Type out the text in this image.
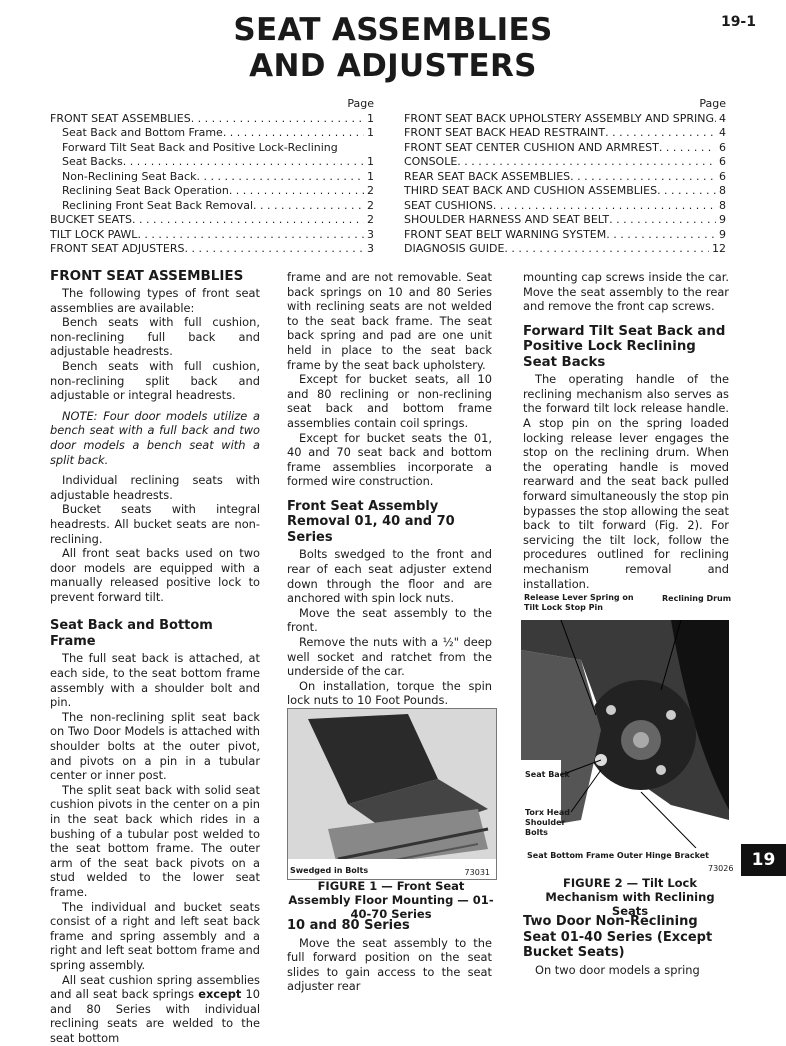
SEAT ASSEMBLIES
AND ADJUSTERS
19-1
Page
FRONT SEAT ASSEMBLIES . . .	1
Seat Back and Bottom Frame . . .	1
Forward Tilt Seat Back and Positive Lock-Reclining
Seat Backs . . .	1
Non-Reclining Seat Back . . .	1
Reclining Seat Back Operation . . .	2
Reclining Front Seat Back Removal . . .	2
BUCKET SEATS . . .	2
TILT LOCK PAWL . . .	3
FRONT SEAT ADJUSTERS . . .	3
Page
FRONT SEAT BACK UPHOLSTERY ASSEMBLY AND SPRING . . . 4
FRONT SEAT BACK HEAD RESTRAINT . . .	4
FRONT SEAT CENTER CUSHION AND ARMREST . . .	6
CONSOLE . . .	6
REAR SEAT BACK ASSEMBLIES . . .	6
THIRD SEAT BACK AND CUSHION ASSEMBLIES . . .	8
SEAT CUSHIONS . . .	8
SHOULDER HARNESS AND SEAT BELT . . .	9
FRONT SEAT BELT WARNING SYSTEM . . .	9
DIAGNOSIS GUIDE . . .	12
FRONT SEAT ASSEMBLIES

The following types of front seat assemblies are available:

Bench seats with full cushion, non-reclining full back and adjustable headrests.

Bench seats with full cushion, non-reclining split back and adjustable or integral headrests.

NOTE: Four door models utilize a bench seat with a full back and two door models a bench seat with a split back.

Individual reclining seats with adjustable headrests.

Bucket seats with integral headrests. All bucket seats are non-reclining.

All front seat backs used on two door models are equipped with a manually released positive lock to prevent forward tilt.

Seat Back and Bottom Frame

The full seat back is attached, at each side, to the seat bottom frame assembly with a shoulder bolt and pin.

The non-reclining split seat back on Two Door Models is attached with shoulder bolts at the outer pivot, and pivots on a pin in a tubular center or inner post.

The split seat back with solid seat cushion pivots in the center on a pin in the seat back which rides in a bushing of a tubular post welded to the seat bottom frame. The outer arm of the seat back pivots on a stud welded to the lower seat frame.

The individual and bucket seats consist of a right and left seat back frame and spring assembly and a right and left seat bottom frame and spring assembly.

All seat cushion spring assemblies and all seat back springs except 10 and 80 Series with individual reclining seats are welded to the seat bottom

frame and are not removable. Seat back springs on 10 and 80 Series with reclining seats are not welded to the seat back frame. The seat back spring and pad are one unit held in place to the seat back frame by the seat back upholstery.

Except for bucket seats, all 10 and 80 reclining or non-reclining seat back and bottom frame assemblies contain coil springs.

Except for bucket seats the 01, 40 and 70 seat back and bottom frame assemblies incorporate a formed wire construction.

Front Seat Assembly Removal 01, 40 and 70 Series

Bolts swedged to the front and rear of each seat adjuster extend down through the floor and are anchored with spin lock nuts.

Move the seat assembly to the front.

Remove the nuts with a ½" deep well socket and ratchet from the underside of the car.

On installation, torque the spin lock nuts to 10 Foot Pounds.

Swedged in Bolts	73031
FIGURE 1 — Front Seat Assembly Floor Mounting — 01-40-70 Series
10 and 80 Series

Move the seat assembly to the full forward position on the seat slides to gain access to the seat adjuster rear

mounting cap screws inside the car. Move the seat assembly to the rear and remove the front cap screws.

Forward Tilt Seat Back and Positive Lock Reclining Seat Backs

The operating handle of the reclining mechanism also serves as the forward tilt lock release handle. A stop pin on the spring loaded locking release lever engages the stop on the reclining drum. When the operating handle is moved rearward and the seat back pulled forward simultaneously the stop pin bypasses the stop allowing the seat back to tilt forward (Fig. 2). For servicing the tilt lock, follow the procedures outlined for reclining mechanism removal and installation.

Release Lever Spring on Tilt Lock Stop Pin
Reclining Drum
Seat Back
Torx Head Shoulder Bolts
Seat Bottom Frame Outer Hinge Bracket
73026
FIGURE 2 — Tilt Lock Mechanism with Reclining Seats
Two Door Non-Reclining Seat 01-40 Series (Except Bucket Seats)

On two door models a spring

19
